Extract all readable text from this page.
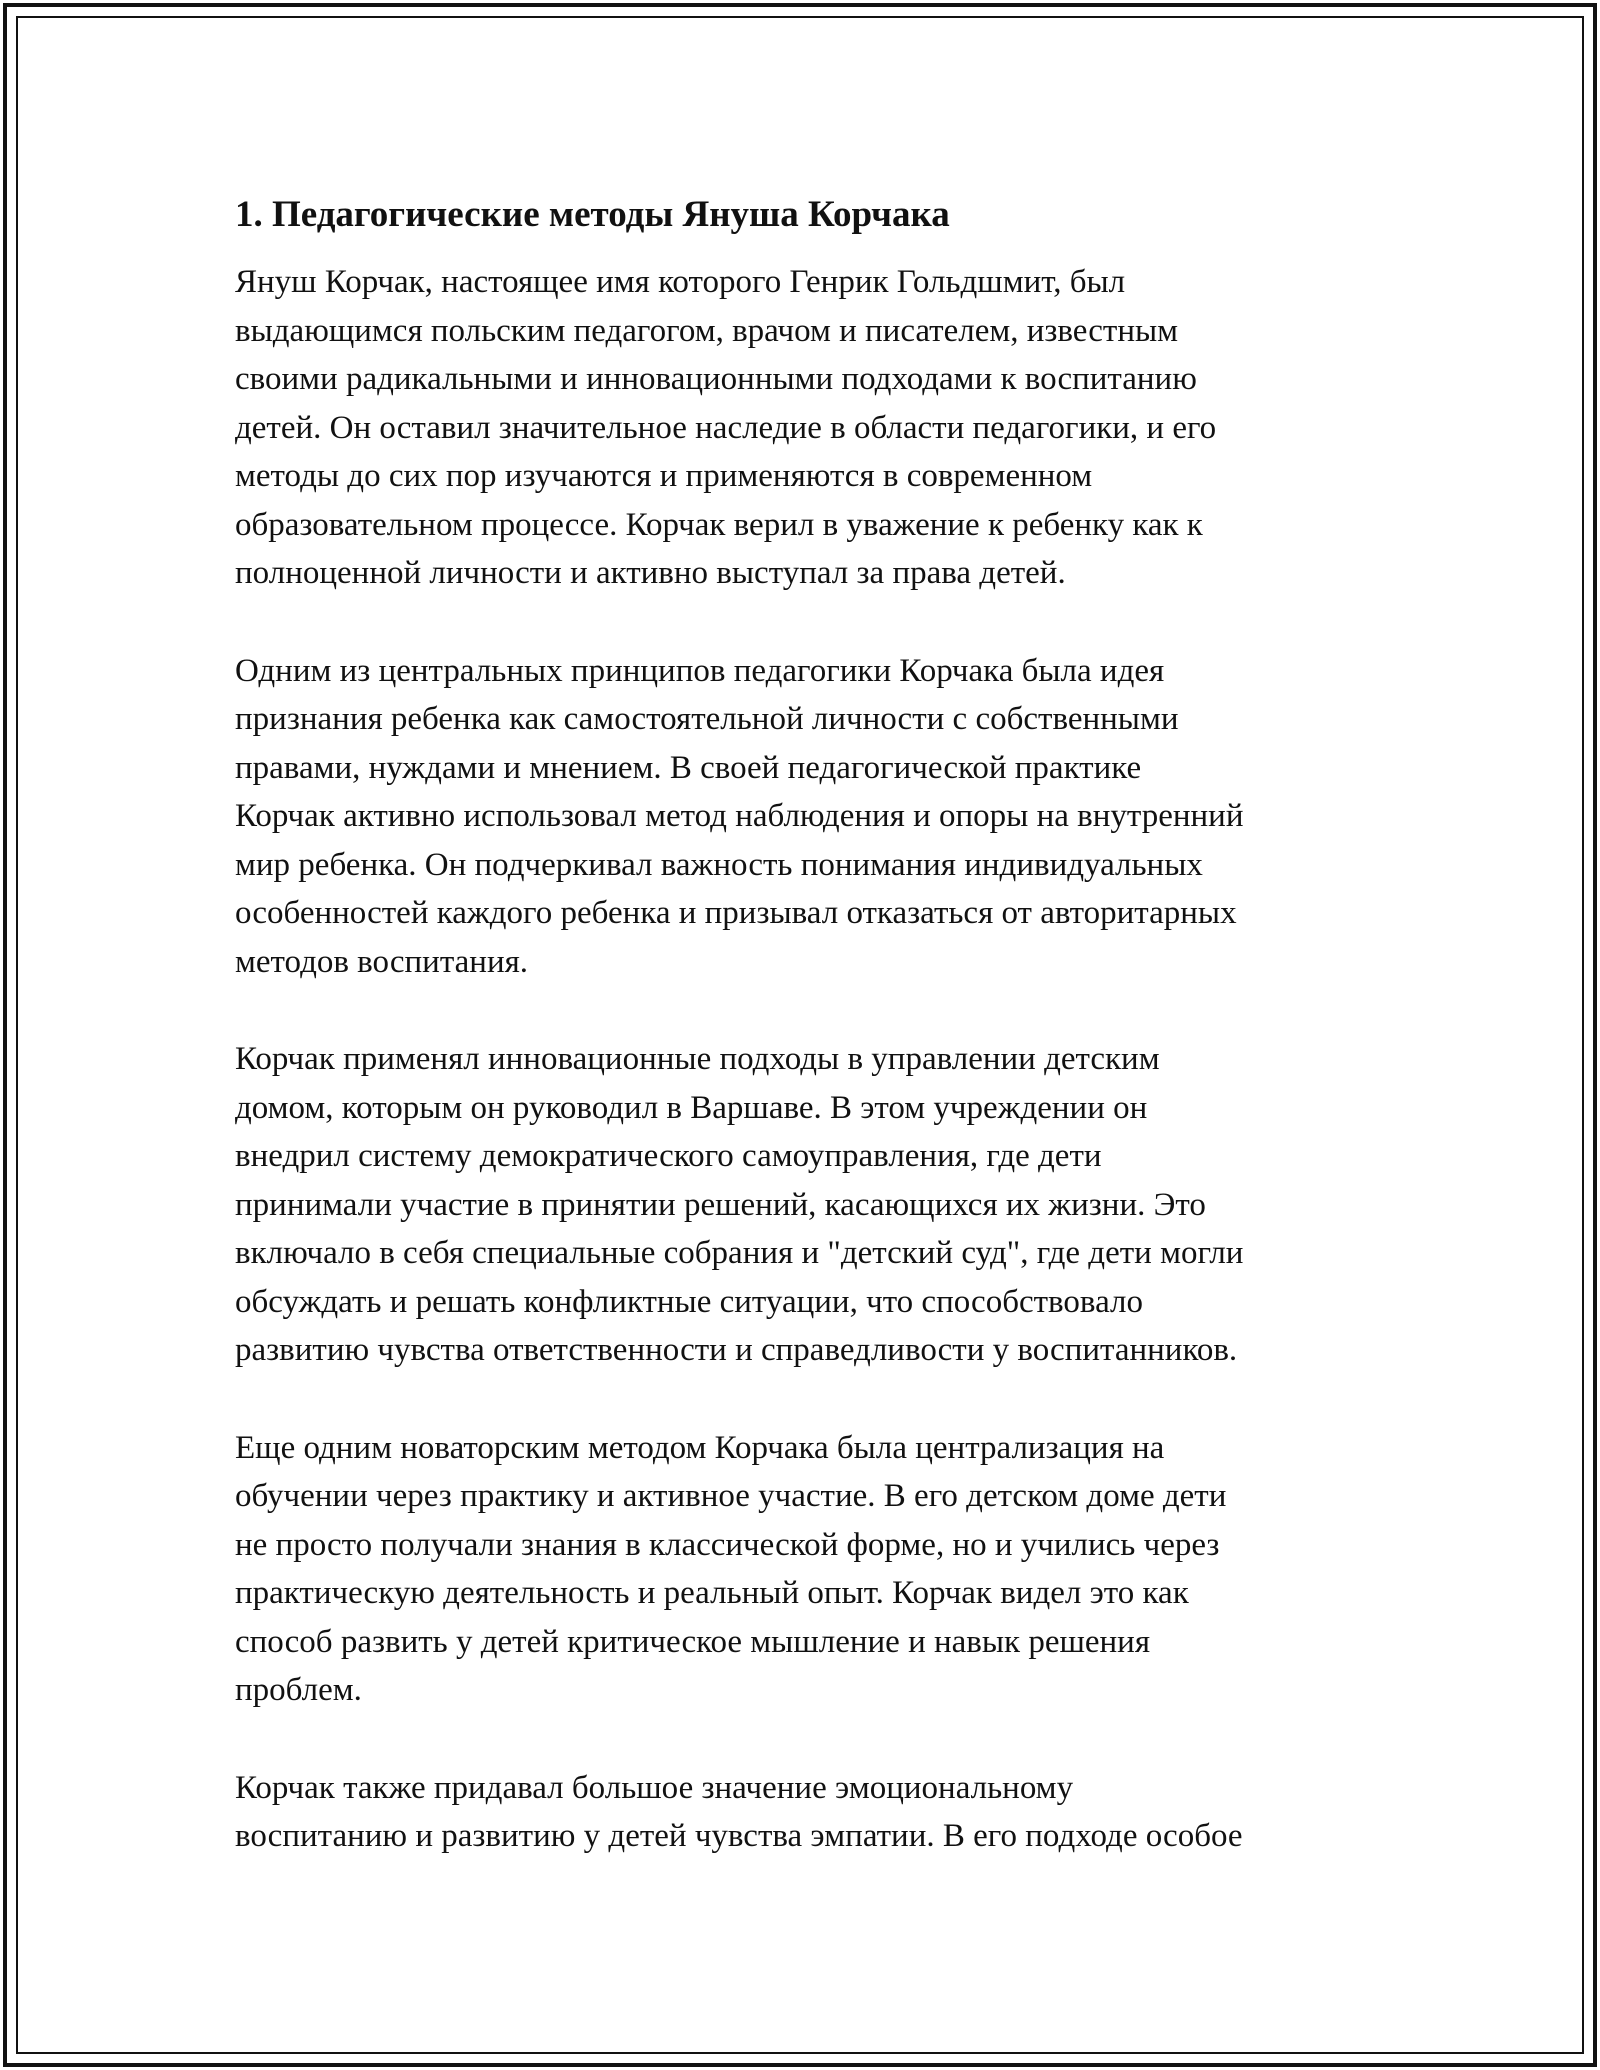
1. Педагогические методы Януша Корчака

Януш Корчак, настоящее имя которого Генрик Гольдшмит, был
выдающимся польским педагогом, врачом и писателем, известным
своими радикальными и инновационными подходами к воспитанию
детей. Он оставил значительное наследие в области педагогики, и его
методы до сих пор изучаются и применяются в современном
образовательном процессе. Корчак верил в уважение к ребенку как к
полноценной личности и активно выступал за права детей.

Одним из центральных принципов педагогики Корчака была идея
признания ребенка как самостоятельной личности с собственными
правами, нуждами и мнением. В своей педагогической практике
Корчак активно использовал метод наблюдения и опоры на внутренний
мир ребенка. Он подчеркивал важность понимания индивидуальных
особенностей каждого ребенка и призывал отказаться от авторитарных
методов воспитания.

Корчак применял инновационные подходы в управлении детским
домом, которым он руководил в Варшаве. В этом учреждении он
внедрил систему демократического самоуправления, где дети
принимали участие в принятии решений, касающихся их жизни. Это
включало в себя специальные собрания и "детский суд", где дети могли
обсуждать и решать конфликтные ситуации, что способствовало
развитию чувства ответственности и справедливости у воспитанников.

Еще одним новаторским методом Корчака была централизация на
обучении через практику и активное участие. В его детском доме дети
не просто получали знания в классической форме, но и учились через
практическую деятельность и реальный опыт. Корчак видел это как
способ развить у детей критическое мышление и навык решения
проблем.

Корчак также придавал большое значение эмоциональному
воспитанию и развитию у детей чувства эмпатии. В его подходе особое
